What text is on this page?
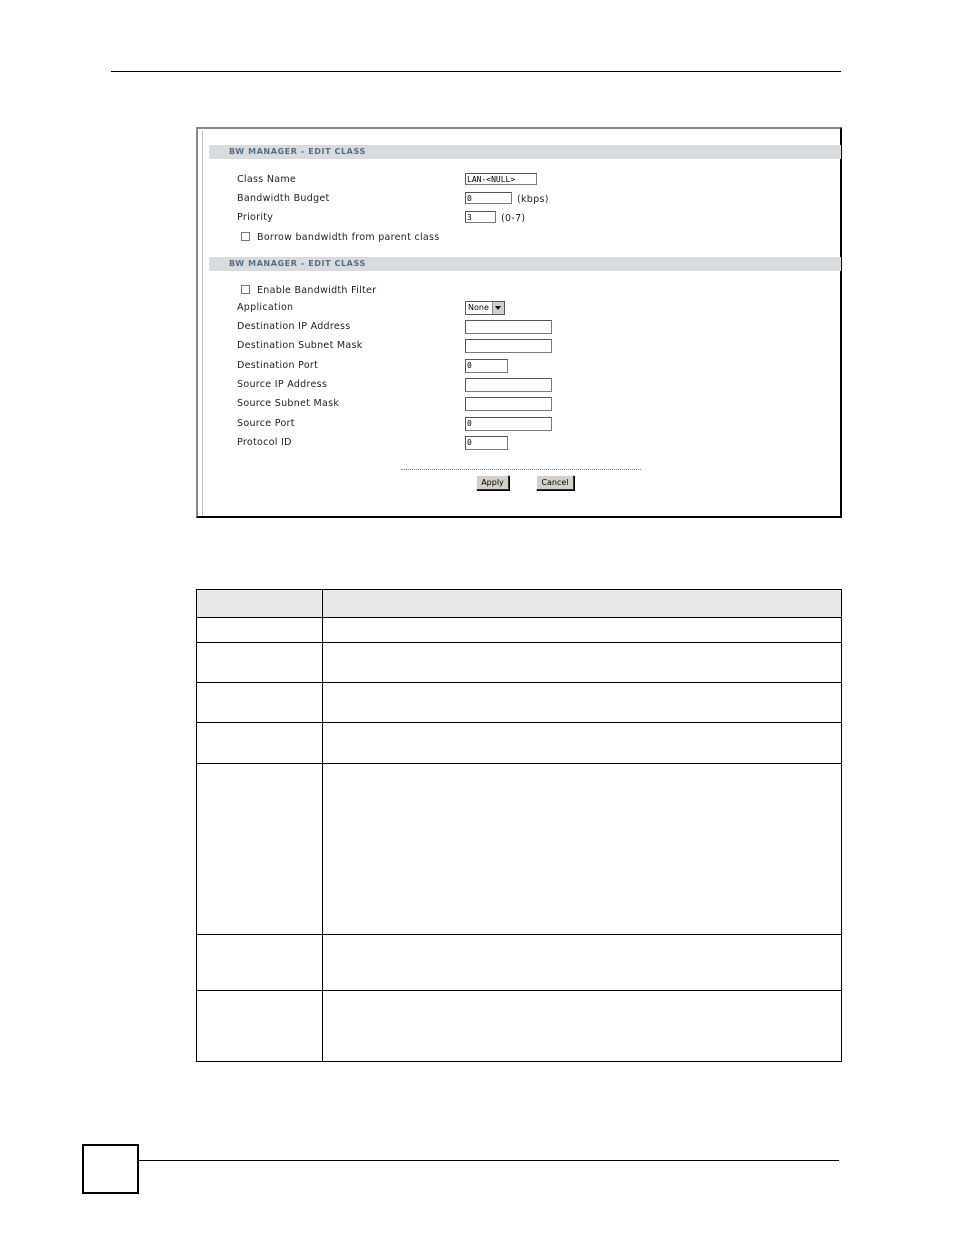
BW MANAGER - EDIT CLASS
Class Name	LAN-<NULL>
Bandwidth Budget	0	(kbps)
Priority	3	(0-7)
Borrow bandwidth from parent class
BW MANAGER - EDIT CLASS
Enable Bandwidth Filter
Application	None
Destination IP Address
Destination Subnet Mask
Destination Port	0
Source IP Address
Source Subnet Mask
Source Port	0
Protocol ID	0
Apply	Cancel
